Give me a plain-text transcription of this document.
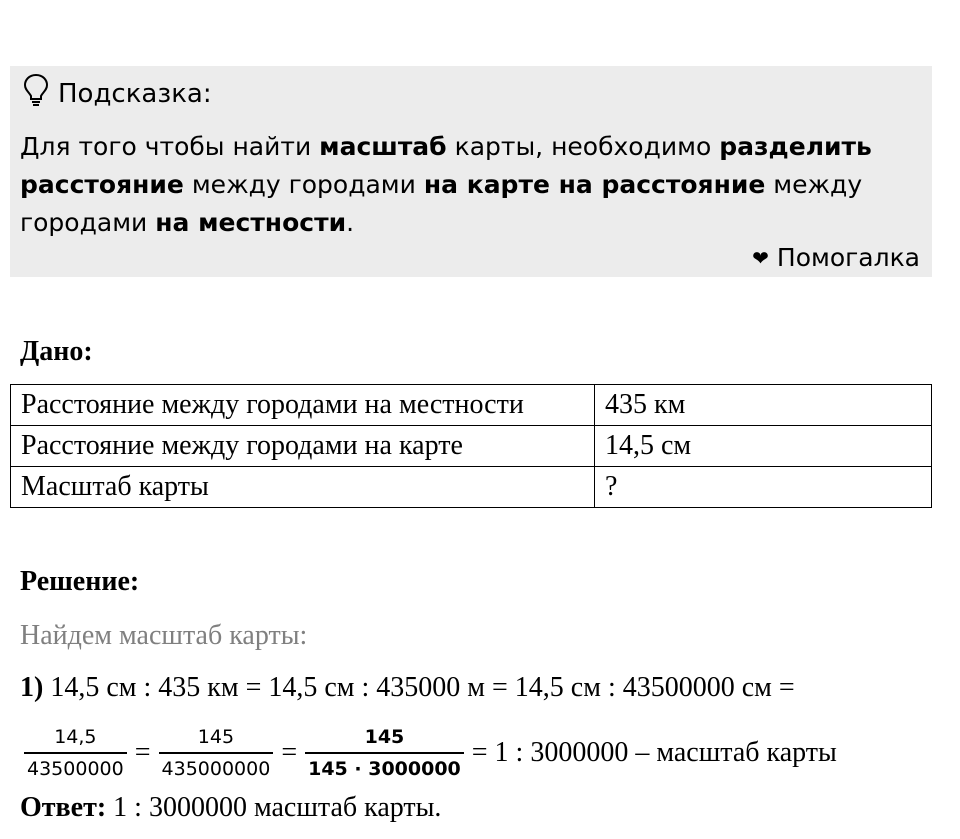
Подсказка:
Для того чтобы найти масштаб карты, необходимо разделить расстояние между городами на карте на расстояние между городами на местности.
❤ Помогалка
Дано:
Расстояние между городами на местности	435 км
Расстояние между городами на карте	14,5 см
Масштаб карты	?
Решение:
Найдем масштаб карты:
1) 14,5 см : 435 км = 14,5 см : 435000 м = 14,5 см : 43500000 см =
$\frac{14,5}{43500000} = \frac{145}{435000000} = \frac{145}{145 \cdot 3000000} = 1$ : 3000000 – масштаб карты
Ответ: 1 : 3000000 масштаб карты.
